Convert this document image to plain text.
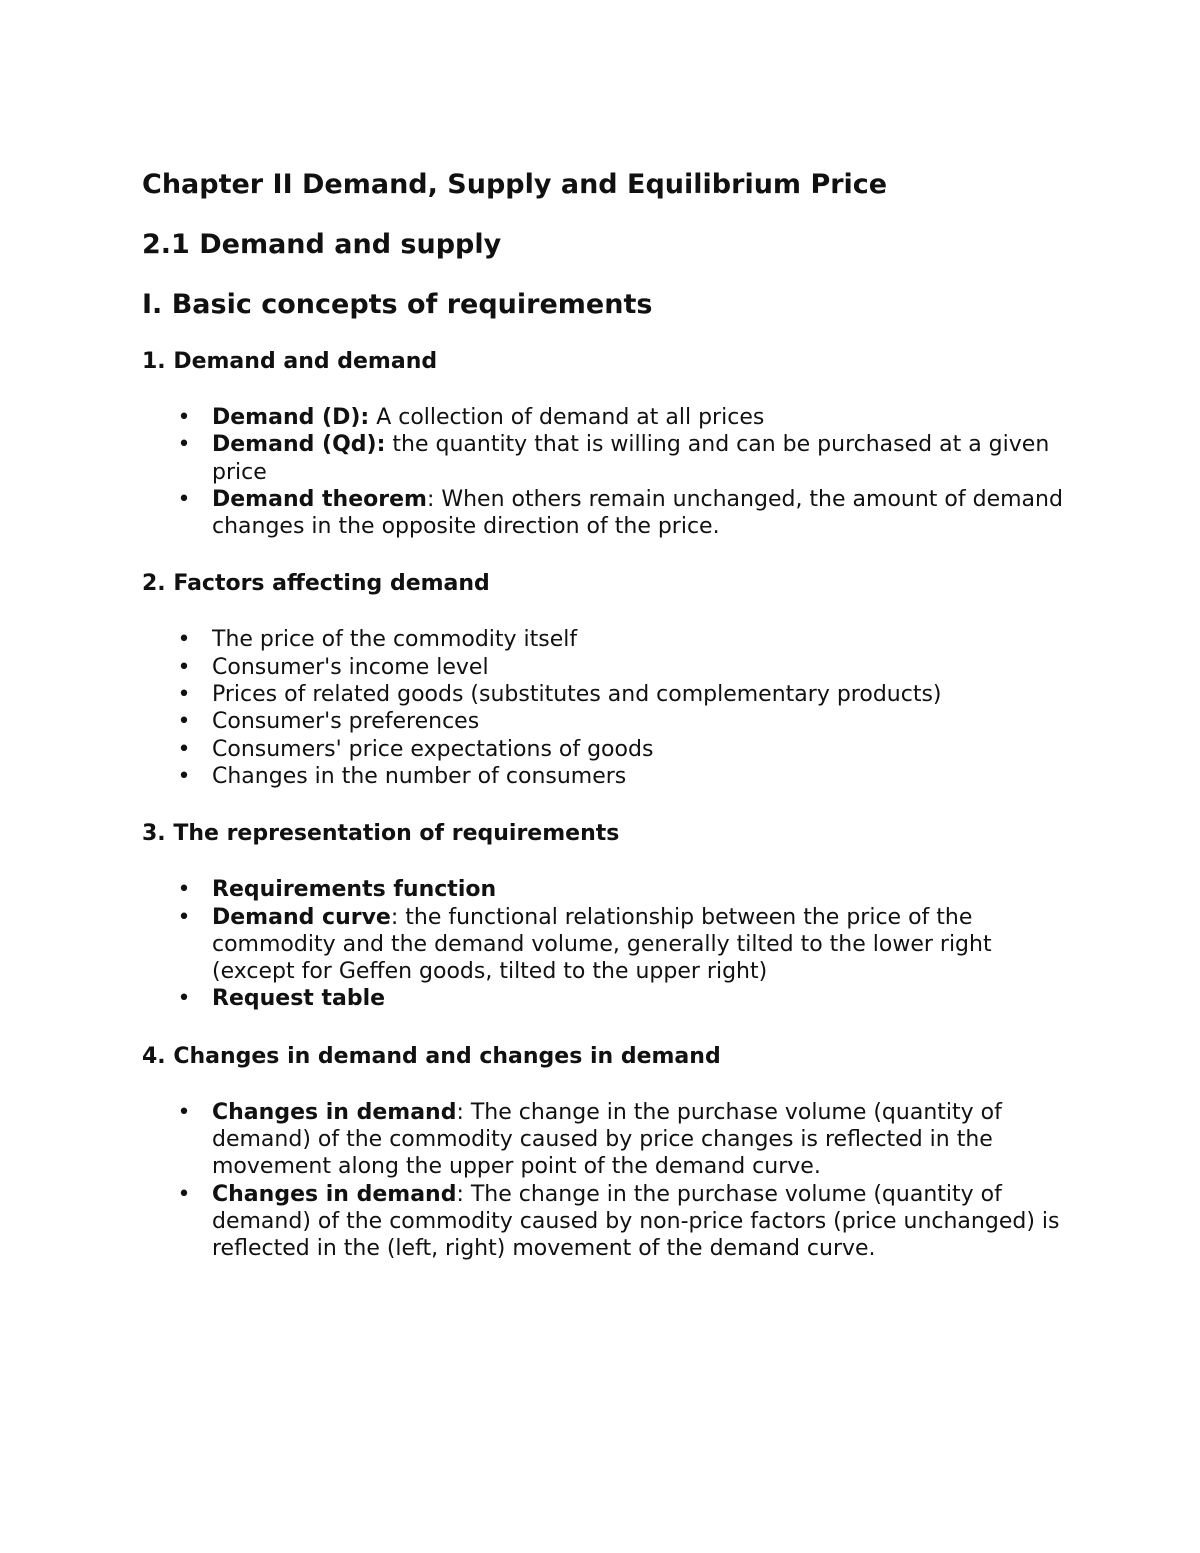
Chapter II Demand, Supply and Equilibrium Price
2.1 Demand and supply
I. Basic concepts of requirements
1. Demand and demand
• Demand (D): A collection of demand at all prices
• Demand (Qd): the quantity that is willing and can be purchased at a given price
• Demand theorem: When others remain unchanged, the amount of demand changes in the opposite direction of the price.
2. Factors affecting demand
• The price of the commodity itself
• Consumer's income level
• Prices of related goods (substitutes and complementary products)
• Consumer's preferences
• Consumers' price expectations of goods
• Changes in the number of consumers
3. The representation of requirements
• Requirements function
• Demand curve: the functional relationship between the price of the commodity and the demand volume, generally tilted to the lower right (except for Geffen goods, tilted to the upper right)
• Request table
4. Changes in demand and changes in demand
• Changes in demand: The change in the purchase volume (quantity of demand) of the commodity caused by price changes is reflected in the movement along the upper point of the demand curve.
• Changes in demand: The change in the purchase volume (quantity of demand) of the commodity caused by non-price factors (price unchanged) is reflected in the (left, right) movement of the demand curve.
